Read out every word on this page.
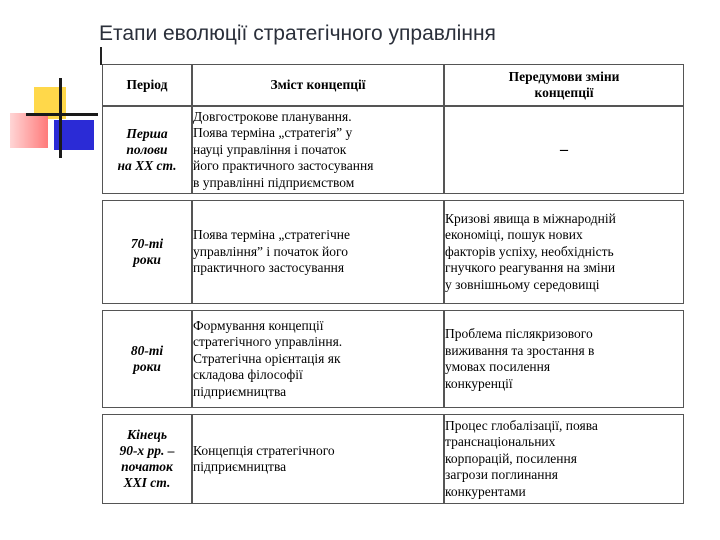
Етапи еволюції стратегічного управління
Період	Зміст концепції	Передумови зміни
концепції
Перша
полови
на ХХ ст.	Довгострокове планування.
Поява терміна „стратегія” у
науці управління і початок
його практичного застосування
в управлінні підприємством	–

70-ті
роки	Поява терміна „стратегічне
управління” і початок його
практичного застосування	Кризові явища в міжнародній
економіці, пошук нових
факторів успіху, необхідність
гнучкого реагування на зміни
у зовнішньому середовищі

80-ті
роки	Формування концепції
стратегічного управління.
Стратегічна орієнтація як
складова філософії
підприємництва	Проблема післякризового
виживання та зростання в
умовах посилення
конкуренції

Кінець
90-х рр. –
початок
ХХІ ст.	Концепція стратегічного
підприємництва	Процес глобалізації, поява
транснаціональних
корпорацій, посилення
загрози поглинання
конкурентами
